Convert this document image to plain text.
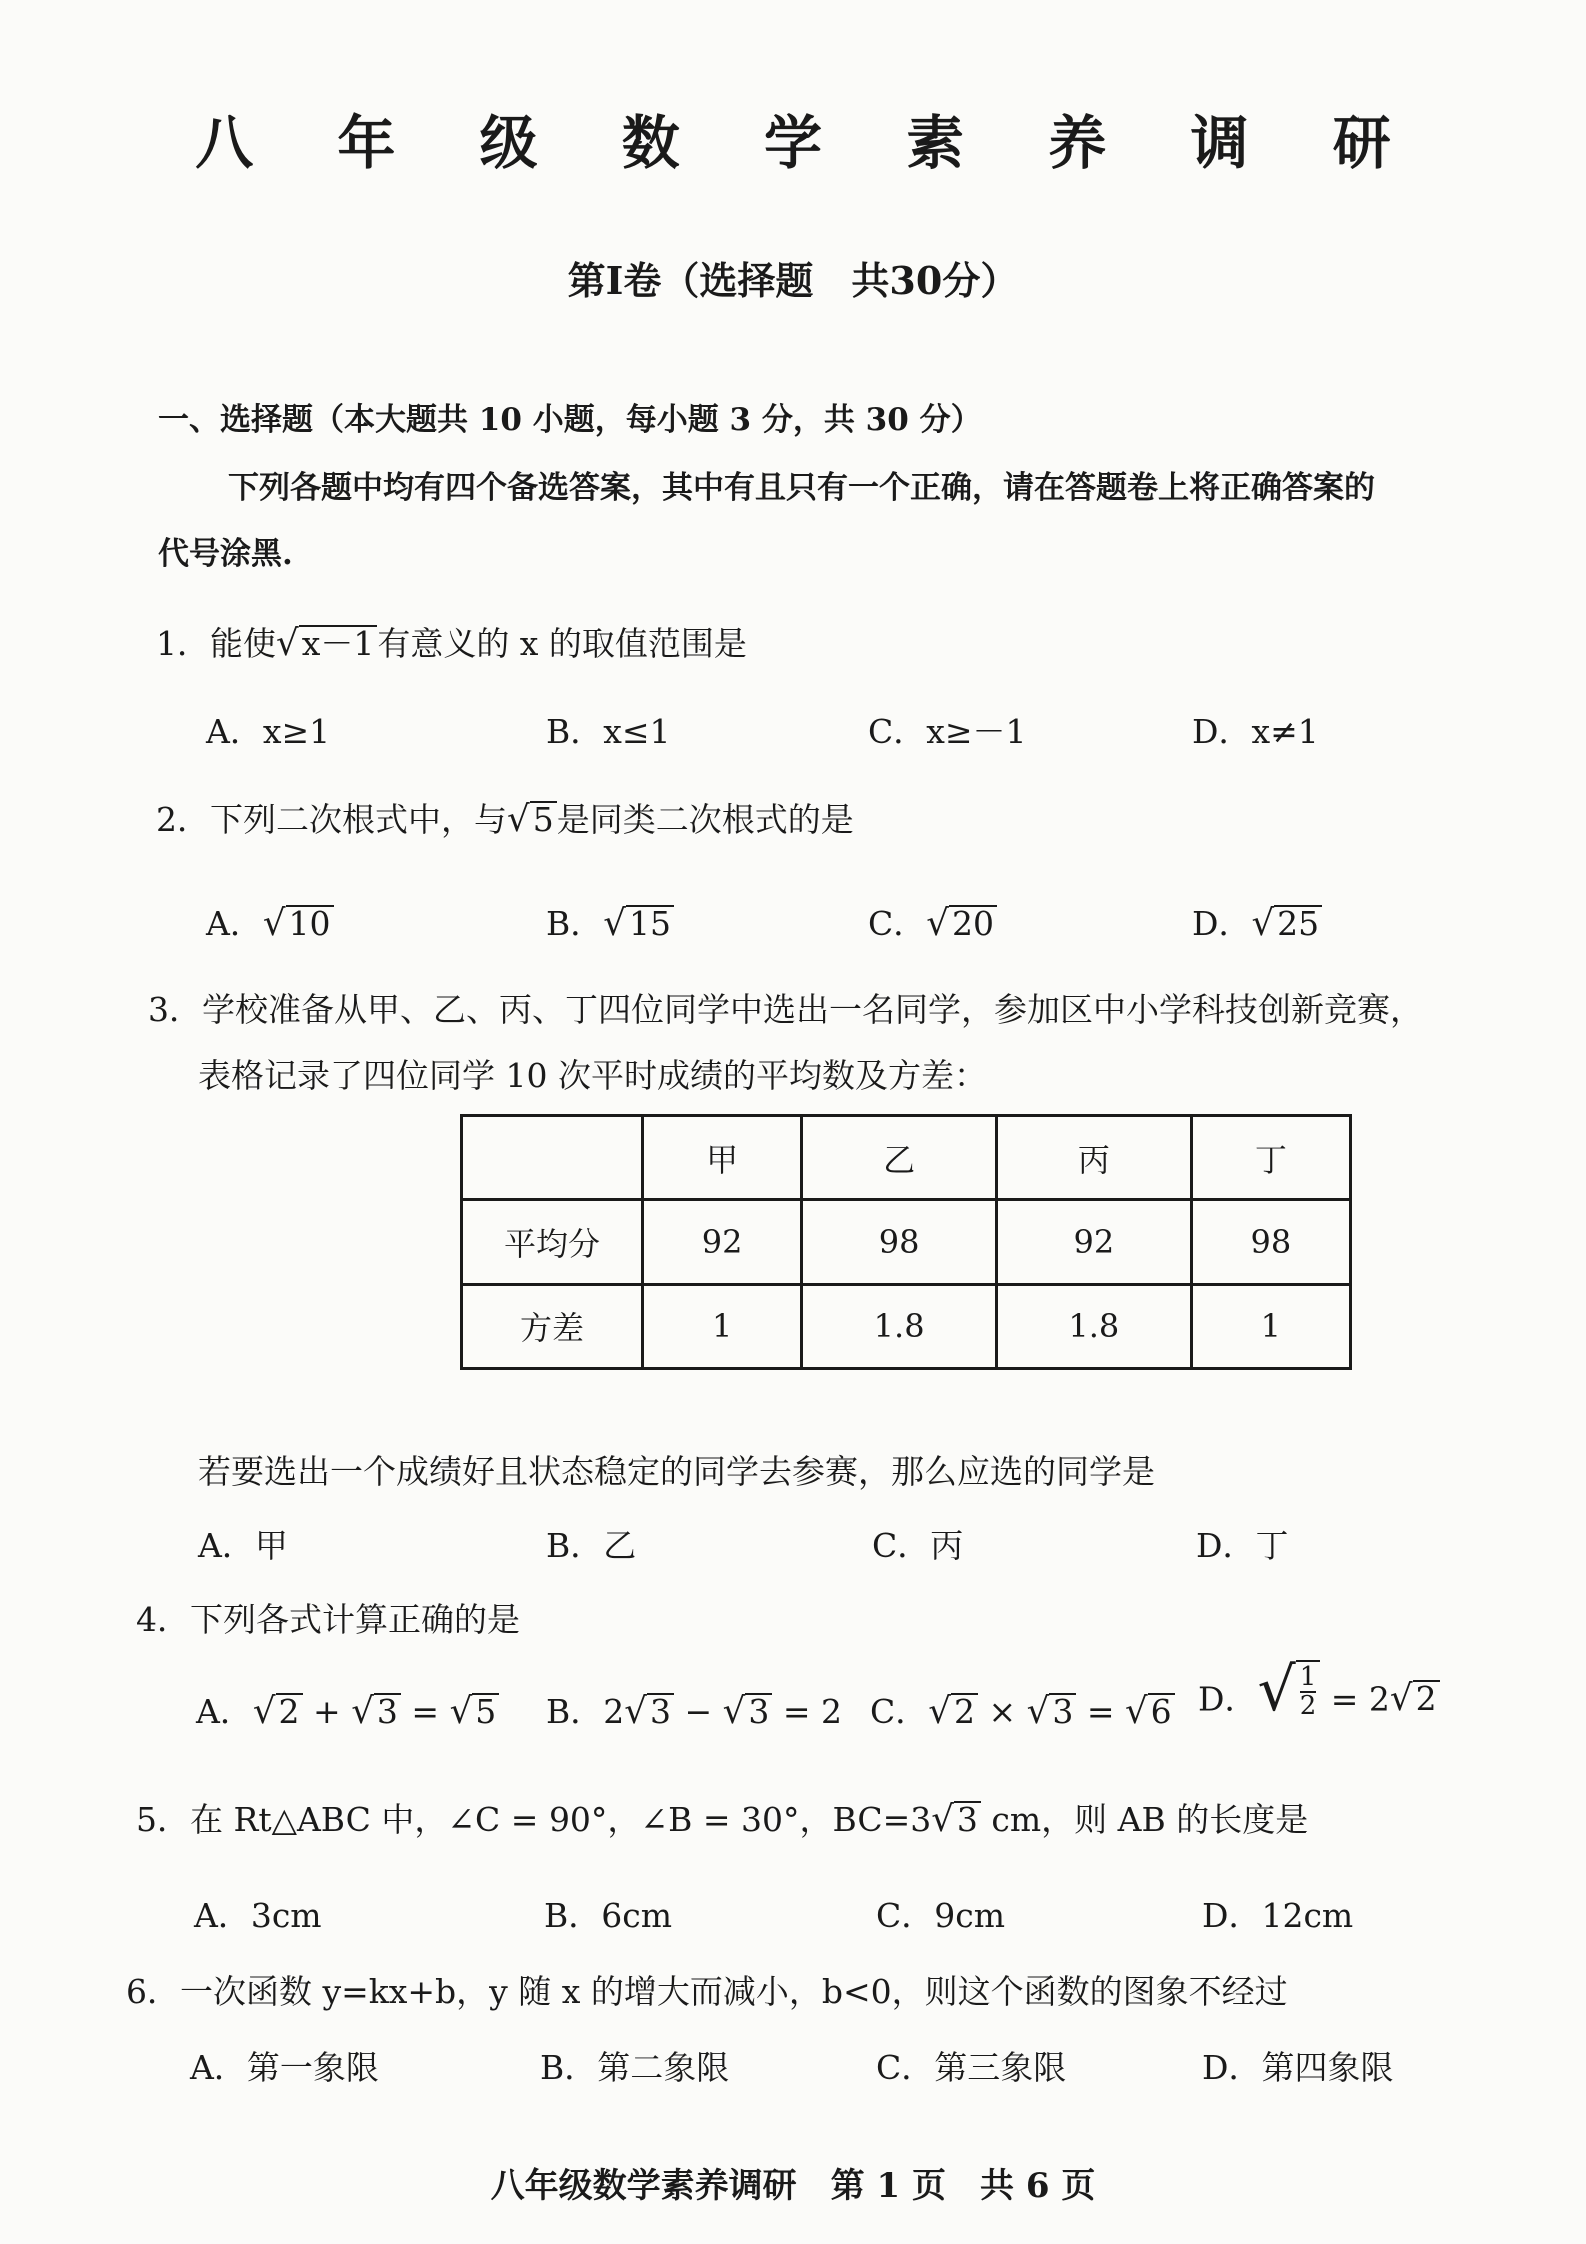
八 年 级 数 学 素 养 调 研
第Ⅰ卷（选择题　共30分）
一、选择题（本大题共 10 小题，每小题 3 分，共 30 分）
下列各题中均有四个备选答案，其中有且只有一个正确，请在答题卷上将正确答案的
代号涂黑.
1．能使√x－1有意义的 x 的取值范围是
A．x≥1	B．x≤1	C．x≥－1	D．x≠1
2．下列二次根式中，与√5是同类二次根式的是
A．√10	B．√15	C．√20	D．√25
3．学校准备从甲、乙、丙、丁四位同学中选出一名同学，参加区中小学科技创新竞赛，
表格记录了四位同学 10 次平时成绩的平均数及方差：
	甲	乙	丙	丁
平均分	92	98	92	98
方差	1	1.8	1.8	1
若要选出一个成绩好且状态稳定的同学去参赛，那么应选的同学是
A．甲	B．乙	C．丙	D．丁
4．下列各式计算正确的是
A．√2 + √3 = √5 B．2√3 − √3 = 2 C．√2 × √3 = √6 D． √ $\frac{1}{2} = 2√2$
5．在 Rt△ABC 中，∠C = 90°，∠B = 30°，BC=3√3 cm，则 AB 的长度是
A．3cm	B．6cm	C．9cm	D．12cm
6．一次函数 y=kx+b，y 随 x 的增大而减小，b<0，则这个函数的图象不经过
A．第一象限	B．第二象限	C．第三象限	D．第四象限
八年级数学素养调研　第 1 页　共 6 页
